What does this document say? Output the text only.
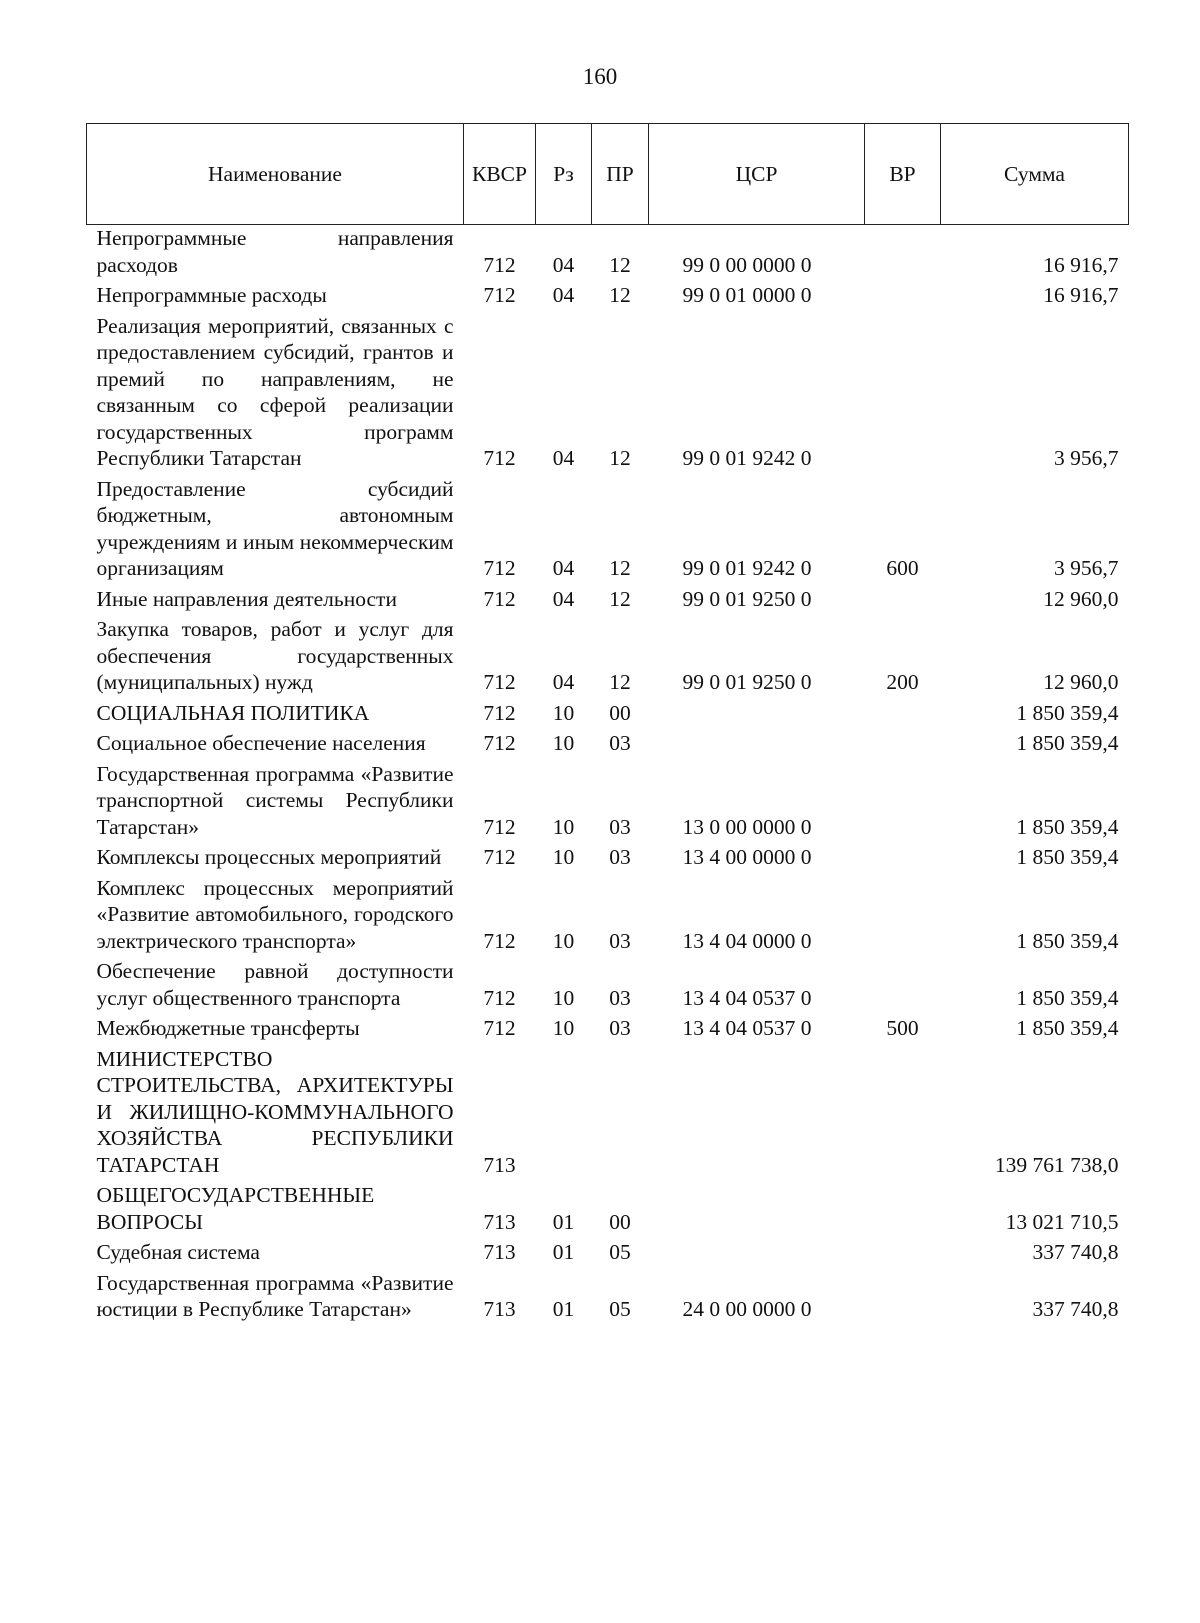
160
Наименование	КВСР	Рз	ПР	ЦСР	ВР	Сумма
Непрограммные направления расходов	712	04	12	99 0 00 0000 0		16 916,7
Непрограммные расходы	712	04	12	99 0 01 0000 0		16 916,7
Реализация мероприятий, связанных с предоставлением субсидий, грантов и премий по направлениям, не связанным со сферой реализации государственных программ Республики Татарстан	712	04	12	99 0 01 9242 0		3 956,7
Предоставление субсидий бюджетным, автономным учреждениям и иным некоммерческим организациям	712	04	12	99 0 01 9242 0	600	3 956,7
Иные направления деятельности	712	04	12	99 0 01 9250 0		12 960,0
Закупка товаров, работ и услуг для обеспечения государственных (муниципальных) нужд	712	04	12	99 0 01 9250 0	200	12 960,0
СОЦИАЛЬНАЯ ПОЛИТИКА	712	10	00			1 850 359,4
Социальное обеспечение населения	712	10	03			1 850 359,4
Государственная программа «Развитие транспортной системы Республики Татарстан»	712	10	03	13 0 00 0000 0		1 850 359,4
Комплексы процессных мероприятий	712	10	03	13 4 00 0000 0		1 850 359,4
Комплекс процессных мероприятий «Развитие автомобильного, городского электрического транспорта»	712	10	03	13 4 04 0000 0		1 850 359,4
Обеспечение равной доступности услуг общественного транспорта	712	10	03	13 4 04 0537 0		1 850 359,4
Межбюджетные трансферты	712	10	03	13 4 04 0537 0	500	1 850 359,4
МИНИСТЕРСТВО СТРОИТЕЛЬСТВА, АРХИТЕКТУРЫ И ЖИЛИЩНО-КОММУНАЛЬНОГО ХОЗЯЙСТВА РЕСПУБЛИКИ ТАТАРСТАН	713					139 761 738,0
ОБЩЕГОСУДАРСТВЕННЫЕ ВОПРОСЫ	713	01	00			13 021 710,5
Судебная система	713	01	05			337 740,8
Государственная программа «Развитие юстиции в Республике Татарстан»	713	01	05	24 0 00 0000 0		337 740,8
